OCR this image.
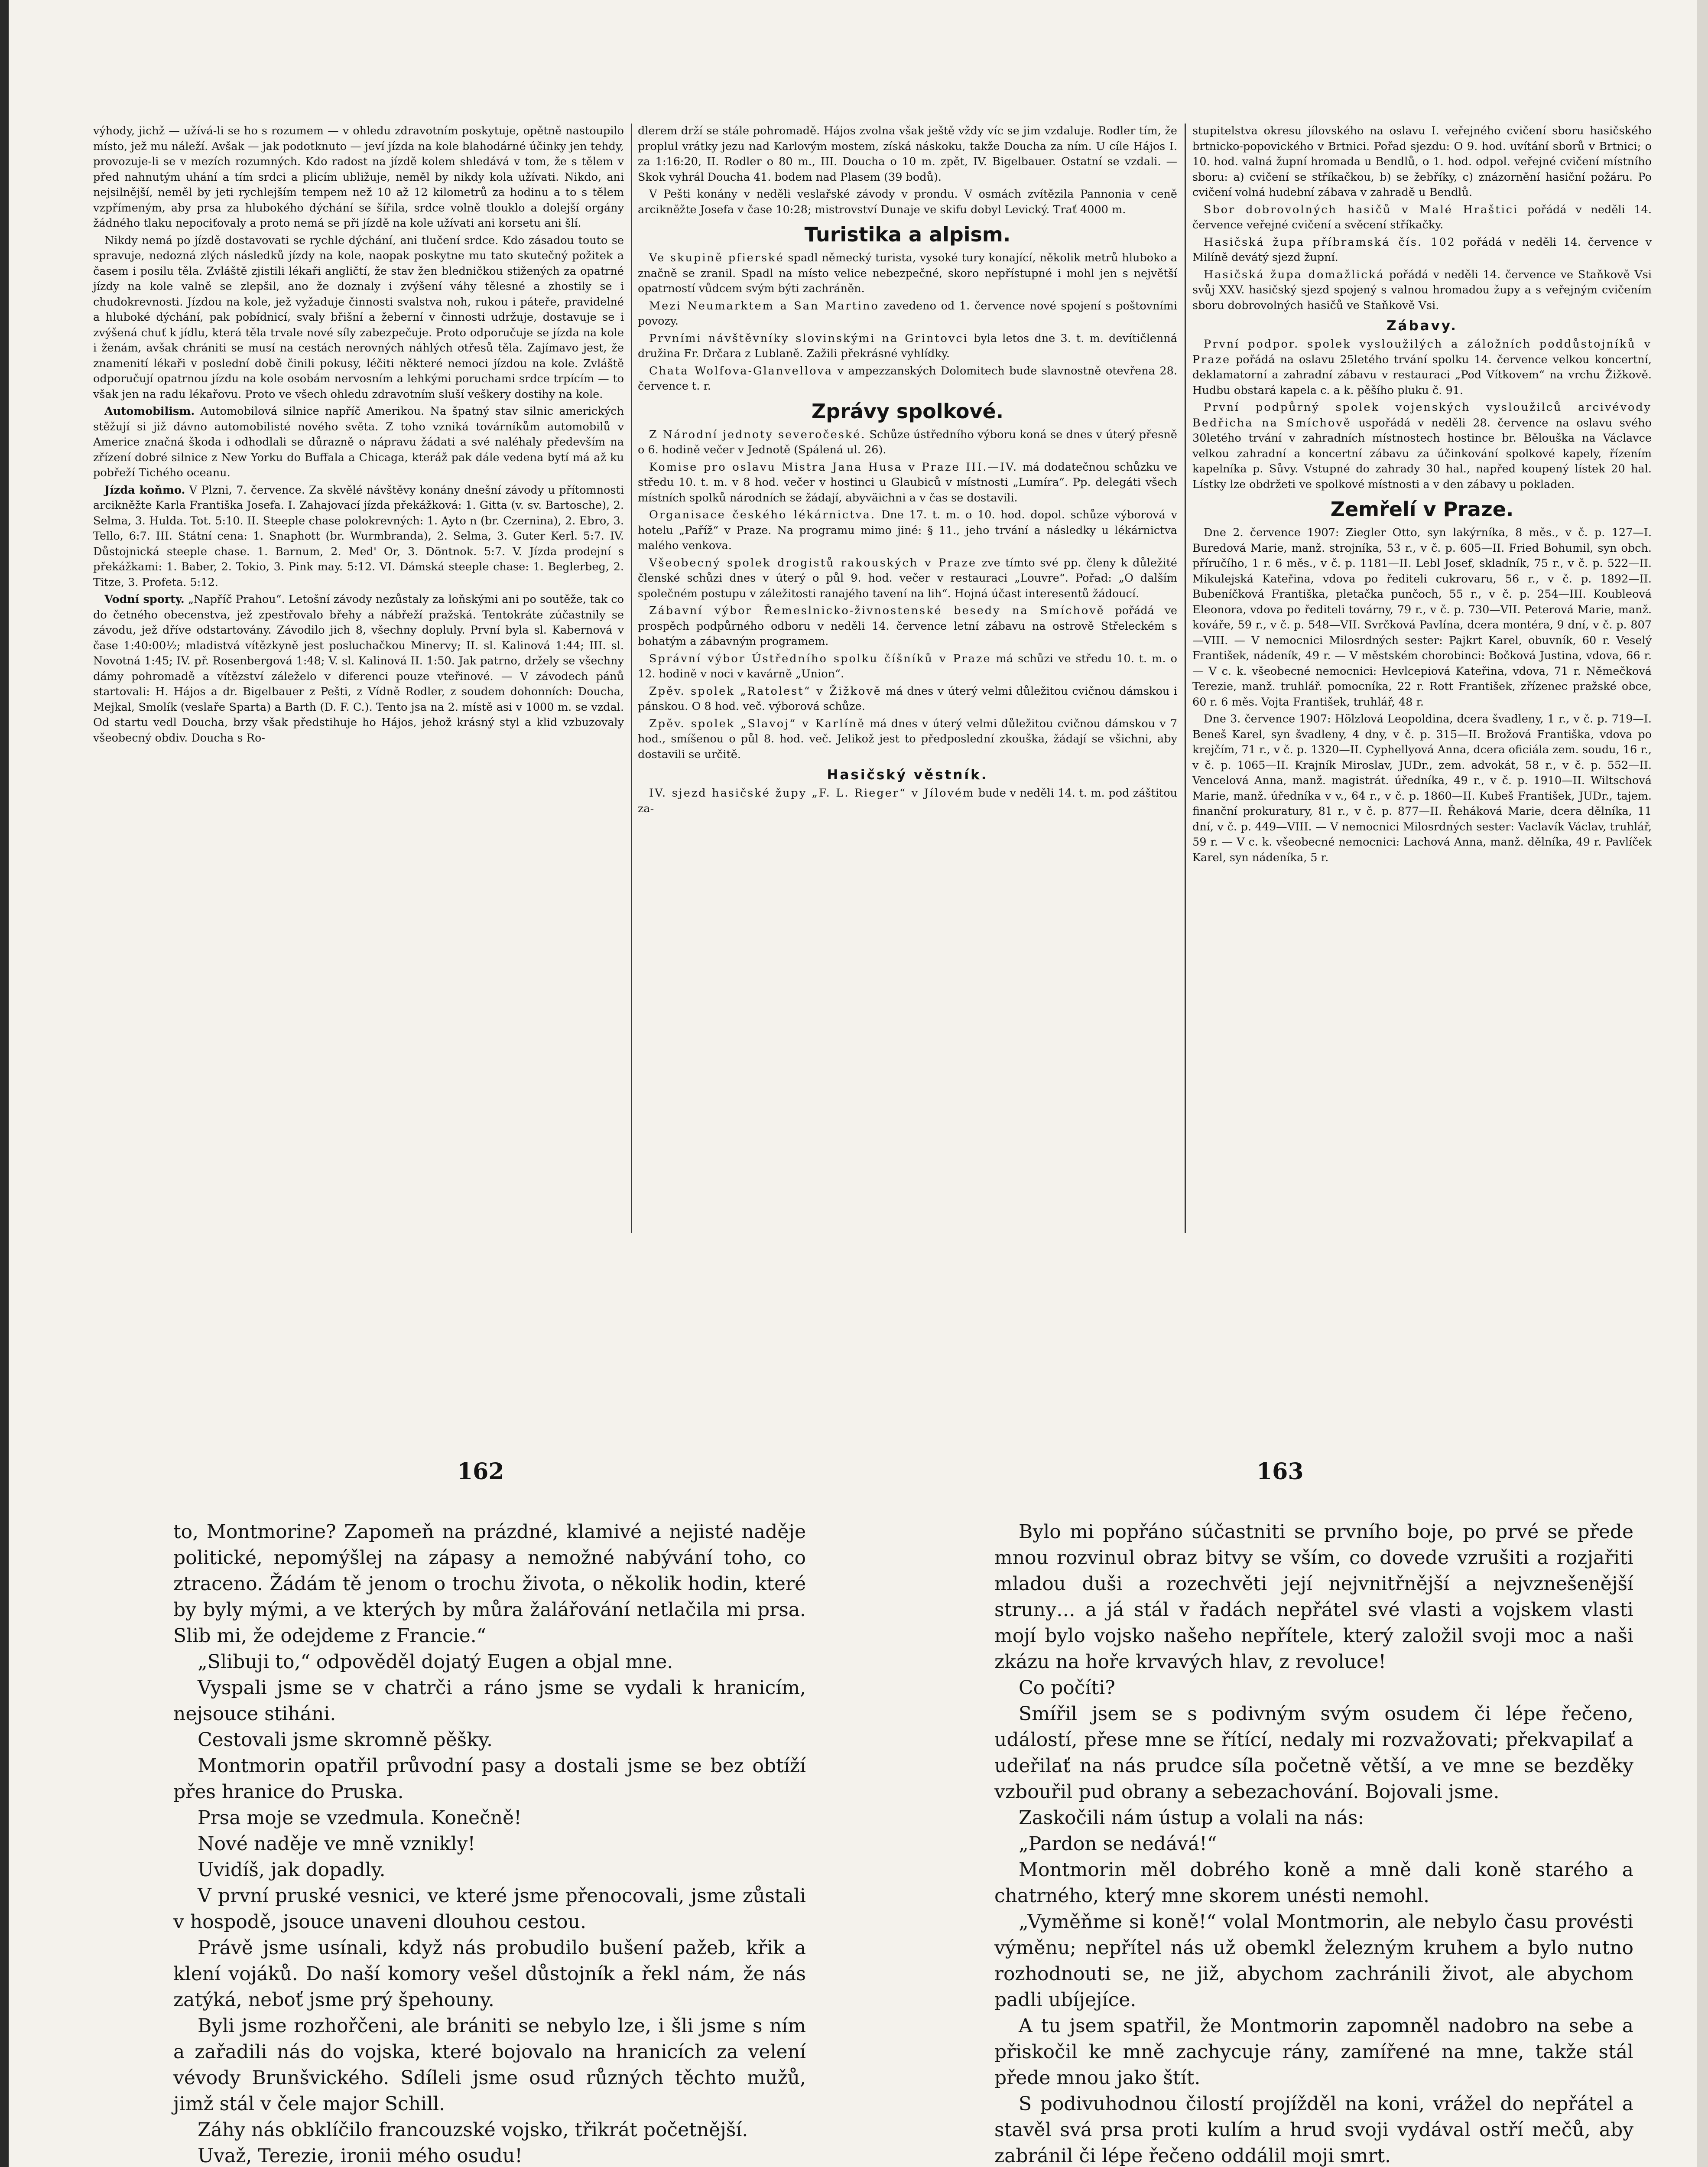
výhody, jichž — užívá-li se ho s rozumem — v ohledu zdravotním poskytuje, opětně nastoupilo místo, jež mu náleží. Avšak — jak podotknuto — jeví jízda na kole blahodárné účinky jen tehdy, provozuje-li se v mezích rozumných. Kdo radost na jízdě kolem shledává v tom, že s tělem v před nahnutým uhání a tím srdci a plicím ubližuje, neměl by nikdy kola užívati. Nikdo, ani nejsilnější, neměl by jeti rychlejším tempem než 10 až 12 kilometrů za hodinu a to s tělem vzpřímeným, aby prsa za hlubokého dýchání se šířila, srdce volně tlouklo a dolejší orgány žádného tlaku nepociťovaly a proto nemá se při jízdě na kole užívati ani korsetu ani šlí.

Nikdy nemá po jízdě dostavovati se rychle dýchání, ani tlučení srdce. Kdo zásadou touto se spravuje, nedozná zlých následků jízdy na kole, naopak poskytne mu tato skutečný požitek a časem i posilu těla. Zvláště zjistili lékaři angličtí, že stav žen bledničkou stižených za opatrné jízdy na kole valně se zlepšil, ano že doznaly i zvýšení váhy tělesné a zhostily se i chudokrevnosti. Jízdou na kole, jež vyžaduje činnosti svalstva noh, rukou i páteře, pravidelné a hluboké dýchání, pak pobídnicí, svaly břišní a žeberní v činnosti udržuje, dostavuje se i zvýšená chuť k jídlu, která těla trvale nové síly zabezpečuje. Proto odporučuje se jízda na kole i ženám, avšak chrániti se musí na cestách nerovných náhlých otřesů těla. Zajímavo jest, že znamenití lékaři v poslední době činili pokusy, léčiti některé nemoci jízdou na kole. Zvláště odporučují opatrnou jízdu na kole osobám nervosním a lehkými poruchami srdce trpícím — to však jen na radu lékařovu. Proto ve všech ohledu zdravotním sluší veškery dostihy na kole.

Automobilism. Automobilová silnice napříč Amerikou. Na špatný stav silnic amerických stěžují si již dávno automobilisté nového světa. Z toho vzniká továrníkům automobilů v Americe značná škoda i odhodlali se důrazně o nápravu žádati a své naléhaly především na zřízení dobré silnice z New Yorku do Buffala a Chicaga, kteráž pak dále vedena bytí má až ku pobřeží Tichého oceanu.

Jízda koňmo. V Plzni, 7. července. Za skvělé návštěvy konány dnešní závody u přítomnosti arcikněžte Karla Františka Josefa. I. Zahajovací jízda překážková: 1. Gitta (v. sv. Bartosche), 2. Selma, 3. Hulda. Tot. 5:10. II. Steeple chase polokrevných: 1. Ayto n (br. Czernina), 2. Ebro, 3. Tello, 6:7. III. Státní cena: 1. Snaphott (br. Wurmbranda), 2. Selma, 3. Guter Kerl. 5:7. IV. Důstojnická steeple chase. 1. Barnum, 2. Med' Or, 3. Döntnok. 5:7. V. Jízda prodejní s překážkami: 1. Baber, 2. Tokio, 3. Pink may. 5:12. VI. Dámská steeple chase: 1. Beglerbeg, 2. Titze, 3. Profeta. 5:12.

Vodní sporty. „Napříč Prahou“. Letošní závody nezůstaly za loňskými ani po soutěže, tak co do četného obecenstva, jež zpestřovalo břehy a nábřeží pražská. Tentokráte zúčastnily se závodu, jež dříve odstartovány. Závodilo jich 8, všechny dopluly. První byla sl. Kabernová v čase 1:40:00½; mladistvá vítězkyně jest posluchačkou Minervy; II. sl. Kalinová 1:44; III. sl. Novotná 1:45; IV. př. Rosenbergová 1:48; V. sl. Kalinová II. 1:50. Jak patrno, držely se všechny dámy pohromadě a vítězství záleželo v diferenci pouze vteřinové. — V závodech pánů startovali: H. Hájos a dr. Bigelbauer z Pešti, z Vídně Rodler, z soudem dohonních: Doucha, Mejkal, Smolík (veslaře Sparta) a Barth (D. F. C.). Tento jsa na 2. místě asi v 1000 m. se vzdal. Od startu vedl Doucha, brzy však předstihuje ho Hájos, jehož krásný styl a klid vzbuzovaly všeobecný obdiv. Doucha s Ro-

dlerem drží se stále pohromadě. Hájos zvolna však ještě vždy víc se jim vzdaluje. Rodler tím, že proplul vrátky jezu nad Karlovým mostem, získá náskoku, takže Doucha za ním. U cíle Hájos I. za 1:16:20, II. Rodler o 80 m., III. Doucha o 10 m. zpět, IV. Bigelbauer. Ostatní se vzdali. — Skok vyhrál Doucha 41. bodem nad Plasem (39 bodů).

V Pešti konány v neděli veslařské závody v prondu. V osmách zvítězila Pannonia v ceně arcikněžte Josefa v čase 10:28; mistrovství Dunaje ve skifu dobyl Levický. Trať 4000 m.

Turistika a alpism.

Ve skupině pfierské spadl německý turista, vysoké tury konající, několik metrů hluboko a značně se zranil. Spadl na místo velice nebezpečné, skoro nepřístupné i mohl jen s největší opatrností vůdcem svým býti zachráněn.

Mezi Neumarktem a San Martino zavedeno od 1. července nové spojení s poštovními povozy.

Prvními návštěvníky slovinskými na Grintovci byla letos dne 3. t. m. devítičlenná družina Fr. Drčara z Lublaně. Zažili překrásné vyhlídky.

Chata Wolfova-Glanvellova v ampezzanských Dolomitech bude slavnostně otevřena 28. července t. r.

Zprávy spolkové.

Z Národní jednoty severočeské. Schůze ústředního výboru koná se dnes v úterý přesně o 6. hodině večer v Jednotě (Spálená ul. 26).

Komise pro oslavu Mistra Jana Husa v Praze III.—IV. má dodatečnou schůzku ve středu 10. t. m. v 8 hod. večer v hostinci u Glaubiců v místnosti „Lumíra“. Pp. delegáti všech místních spolků národních se žádají, abyväichni a v čas se dostavili.

Organisace českého lékárnictva. Dne 17. t. m. o 10. hod. dopol. schůze výborová v hotelu „Paříž“ v Praze. Na programu mimo jiné: § 11., jeho trvání a následky u lékárnictva malého venkova.

Všeobecný spolek drogistů rakouských v Praze zve tímto své pp. členy k důležité členské schůzi dnes v úterý o půl 9. hod. večer v restauraci „Louvre“. Pořad: „O dalším společném postupu v záležitosti ranajého tavení na lih“. Hojná účast interesentů žádoucí.

Zábavní výbor Řemeslnicko-živnostenské besedy na Smíchově pořádá ve prospěch podpůrného odboru v neděli 14. července letní zábavu na ostrově Střeleckém s bohatým a zábavným programem.

Správní výbor Ústředního spolku číšníků v Praze má schůzi ve středu 10. t. m. o 12. hodině v noci v kavárně „Union“.

Zpěv. spolek „Ratolest“ v Žižkově má dnes v úterý velmi důležitou cvičnou dámskou i pánskou. O 8 hod. več. výborová schůze.

Zpěv. spolek „Slavoj“ v Karlíně má dnes v úterý velmi důležitou cvičnou dámskou v 7 hod., smíšenou o půl 8. hod. več. Jelikož jest to předposlední zkouška, žádají se všichni, aby dostavili se určitě.

Hasičský věstník.

IV. sjezd hasičské župy „F. L. Rieger“ v Jílovém bude v neděli 14. t. m. pod záštitou za-

stupitelstva okresu jílovského na oslavu I. veřejného cvičení sboru hasičského brtnicko-popovického v Brtnici. Pořad sjezdu: O 9. hod. uvítání sborů v Brtnici; o 10. hod. valná župní hromada u Bendlů, o 1. hod. odpol. veřejné cvičení místního sboru: a) cvičení se stříkačkou, b) se žebříky, c) znázornění hasiční požáru. Po cvičení volná hudební zábava v zahradě u Bendlů.

Sbor dobrovolných hasičů v Malé Hraštici pořádá v neděli 14. července veřejné cvičení a svěcení stříkačky.

Hasičská župa příbramská čís. 102 pořádá v neděli 14. července v Milíně devátý sjezd župní.

Hasičská župa domažlická pořádá v neděli 14. července ve Staňkově Vsi svůj XXV. hasičský sjezd spojený s valnou hromadou župy a s veřejným cvičením sboru dobrovolných hasičů ve Staňkově Vsi.

Zábavy.

První podpor. spolek vysloužilých a záložních poddůstojníků v Praze pořádá na oslavu 25letého trvání spolku 14. července velkou koncertní, deklamatorní a zahradní zábavu v restauraci „Pod Vítkovem“ na vrchu Žižkově. Hudbu obstará kapela c. a k. pěšího pluku č. 91.

První podpůrný spolek vojenských vysloužilců arcivévody Bedřicha na Smíchově uspořádá v neděli 28. července na oslavu svého 30letého trvání v zahradních místnostech hostince br. Bělouška na Václavce velkou zahradní a koncertní zábavu za účinkování spolkové kapely, řízením kapelníka p. Sůvy. Vstupné do zahrady 30 hal., napřed koupený lístek 20 hal. Lístky lze obdržeti ve spolkové místnosti a v den zábavy u pokladen.

Zemřelí v Praze.

Dne 2. července 1907: Ziegler Otto, syn lakýrníka, 8 měs., v č. p. 127—I. Buredová Marie, manž. strojníka, 53 r., v č. p. 605—II. Fried Bohumil, syn obch. příručího, 1 r. 6 měs., v č. p. 1181—II. Lebl Josef, skladník, 75 r., v č. p. 522—II. Mikulejská Kateřina, vdova po řediteli cukrovaru, 56 r., v č. p. 1892—II. Bubeníčková Františka, pletačka punčoch, 55 r., v č. p. 254—III. Koubleová Eleonora, vdova po řediteli továrny, 79 r., v č. p. 730—VII. Peterová Marie, manž. kováře, 59 r., v č. p. 548—VII. Svrčková Pavlína, dcera montéra, 9 dní, v č. p. 807—VIII. — V nemocnici Milosrdných sester: Pajkrt Karel, obuvník, 60 r. Veselý František, nádeník, 49 r. — V městském chorobinci: Bočková Justina, vdova, 66 r. — V c. k. všeobecné nemocnici: Hevlcepiová Kateřina, vdova, 71 r. Němečková Terezie, manž. truhlář. pomocníka, 22 r. Rott František, zřízenec pražské obce, 60 r. 6 měs. Vojta František, truhlář, 48 r.

Dne 3. července 1907: Hölzlová Leopoldina, dcera švadleny, 1 r., v č. p. 719—I. Beneš Karel, syn švadleny, 4 dny, v č. p. 315—II. Brožová Františka, vdova po krejčím, 71 r., v č. p. 1320—II. Cyphellyová Anna, dcera oficiála zem. soudu, 16 r., v č. p. 1065—II. Krajník Miroslav, JUDr., zem. advokát, 58 r., v č. p. 552—II. Vencelová Anna, manž. magistrát. úředníka, 49 r., v č. p. 1910—II. Wiltschová Marie, manž. úředníka v v., 64 r., v č. p. 1860—II. Kubeš František, JUDr., tajem. finanční prokuratury, 81 r., v č. p. 877—II. Řeháková Marie, dcera dělníka, 11 dní, v č. p. 449—VIII. — V nemocnici Milosrdných sester: Vaclavík Václav, truhlář, 59 r. — V c. k. všeobecné nemocnici: Lachová Anna, manž. dělníka, 49 r. Pavlíček Karel, syn nádeníka, 5 r.

162	163

to, Montmorine? Zapomeň na prázdné, klamivé a nejisté naděje politické, nepomýšlej na zápasy a nemožné nabývání toho, co ztraceno. Žádám tě jenom o trochu života, o několik hodin, které by byly mými, a ve kterých by můra žalářování netlačila mi prsa. Slib mi, že odejdeme z Francie.“

„Slibuji to,“ odpověděl dojatý Eugen a objal mne.

Vyspali jsme se v chatrči a ráno jsme se vydali k hranicím, nejsouce stiháni.

Cestovali jsme skromně pěšky.

Montmorin opatřil průvodní pasy a dostali jsme se bez obtíží přes hranice do Pruska.

Prsa moje se vzedmula. Konečně!

Nové naděje ve mně vznikly!

Uvidíš, jak dopadly.

V první pruské vesnici, ve které jsme přenocovali, jsme zůstali v hospodě, jsouce unaveni dlouhou cestou.

Právě jsme usínali, když nás probudilo bušení pažeb, křik a klení vojáků. Do naší komory vešel důstojník a řekl nám, že nás zatýká, neboť jsme prý špehouny.

Byli jsme rozhořčeni, ale brániti se nebylo lze, i šli jsme s ním a zařadili nás do vojska, které bojovalo na hranicích za velení vévody Brunšvického. Sdíleli jsme osud různých těchto mužů, jimž stál v čele major Schill.

Záhy nás obklíčilo francouzské vojsko, třikrát početnější.

Uvaž, Terezie, ironii mého osudu!

Bylo mi popřáno súčastniti se prvního boje, po prvé se přede mnou rozvinul obraz bitvy se vším, co dovede vzrušiti a rozjařiti mladou duši a rozechvěti její nejvnitřnější a nejvznešenější struny… a já stál v řadách nepřátel své vlasti a vojskem vlasti mojí bylo vojsko našeho nepřítele, který založil svoji moc a naši zkázu na hoře krvavých hlav, z revoluce!

Co počíti?

Smířil jsem se s podivným svým osudem či lépe řečeno, událostí, přese mne se řítící, nedaly mi rozvažovati; překvapilať a udeřilať na nás prudce síla početně větší, a ve mne se bezděky vzbouřil pud obrany a sebezachování. Bojovali jsme.

Zaskočili nám ústup a volali na nás:

„Pardon se nedává!“

Montmorin měl dobrého koně a mně dali koně starého a chatrného, který mne skorem unésti nemohl.

„Vyměňme si koně!“ volal Montmorin, ale nebylo času provésti výměnu; nepřítel nás už obemkl železným kruhem a bylo nutno rozhodnouti se, ne již, abychom zachránili život, ale abychom padli ubíjejíce.

A tu jsem spatřil, že Montmorin zapomněl nadobro na sebe a přiskočil ke mně zachycuje rány, zamířené na mne, takže stál přede mnou jako štít.

S podivuhodnou čilostí projížděl na koni, vrážel do nepřátel a stavěl svá prsa proti kulím a hrud svoji vydával ostří mečů, aby zabránil či lépe řečeno oddálil moji smrt.
